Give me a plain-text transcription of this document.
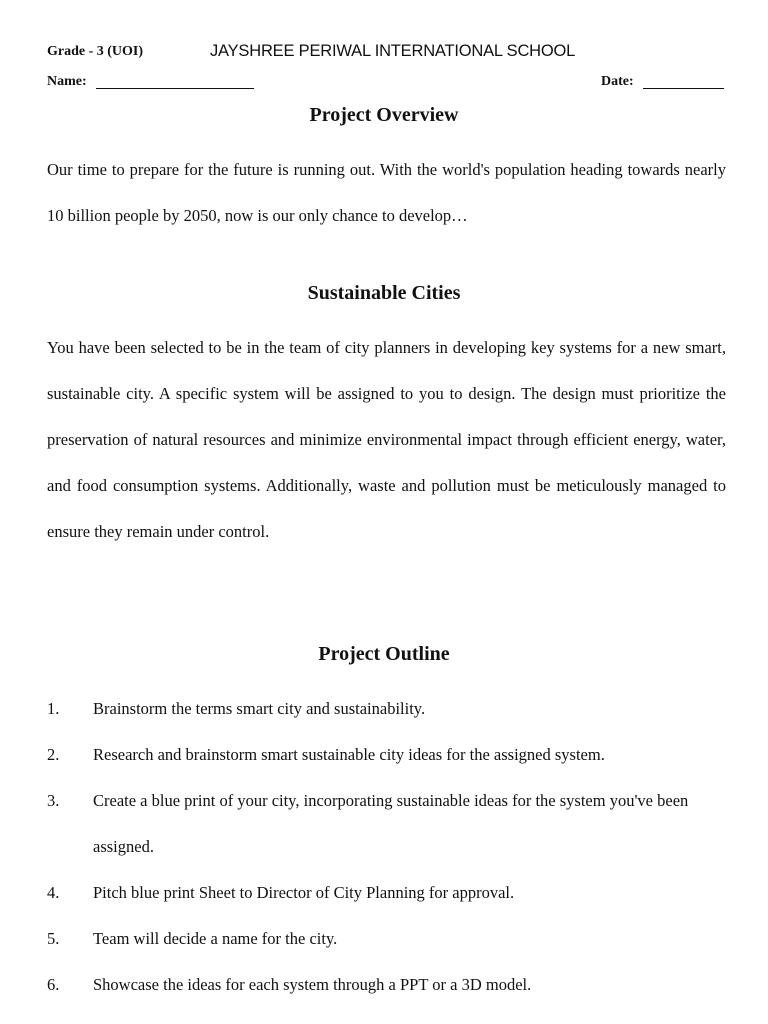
Grade - 3 (UOI)	JAYSHREE PERIWAL INTERNATIONAL SCHOOL
Name:	Date:
Project Overview

Our time to prepare for the future is running out. With the world's population heading towards nearly 10 billion people by 2050, now is our only chance to develop…

Sustainable Cities

You have been selected to be in the team of city planners in developing key systems for a new smart, sustainable city. A specific system will be assigned to you to design. The design must prioritize the preservation of natural resources and minimize environmental impact through efficient energy, water, and food consumption systems. Additionally, waste and pollution must be meticulously managed to ensure they remain under control.

Project Outline
1. Brainstorm the terms smart city and sustainability.
2. Research and brainstorm smart sustainable city ideas for the assigned system.
3. Create a blue print of your city, incorporating sustainable ideas for the system you've been assigned.
4. Pitch blue print Sheet to Director of City Planning for approval.
5. Team will decide a name for the city.
6. Showcase the ideas for each system through a PPT or a 3D model.
